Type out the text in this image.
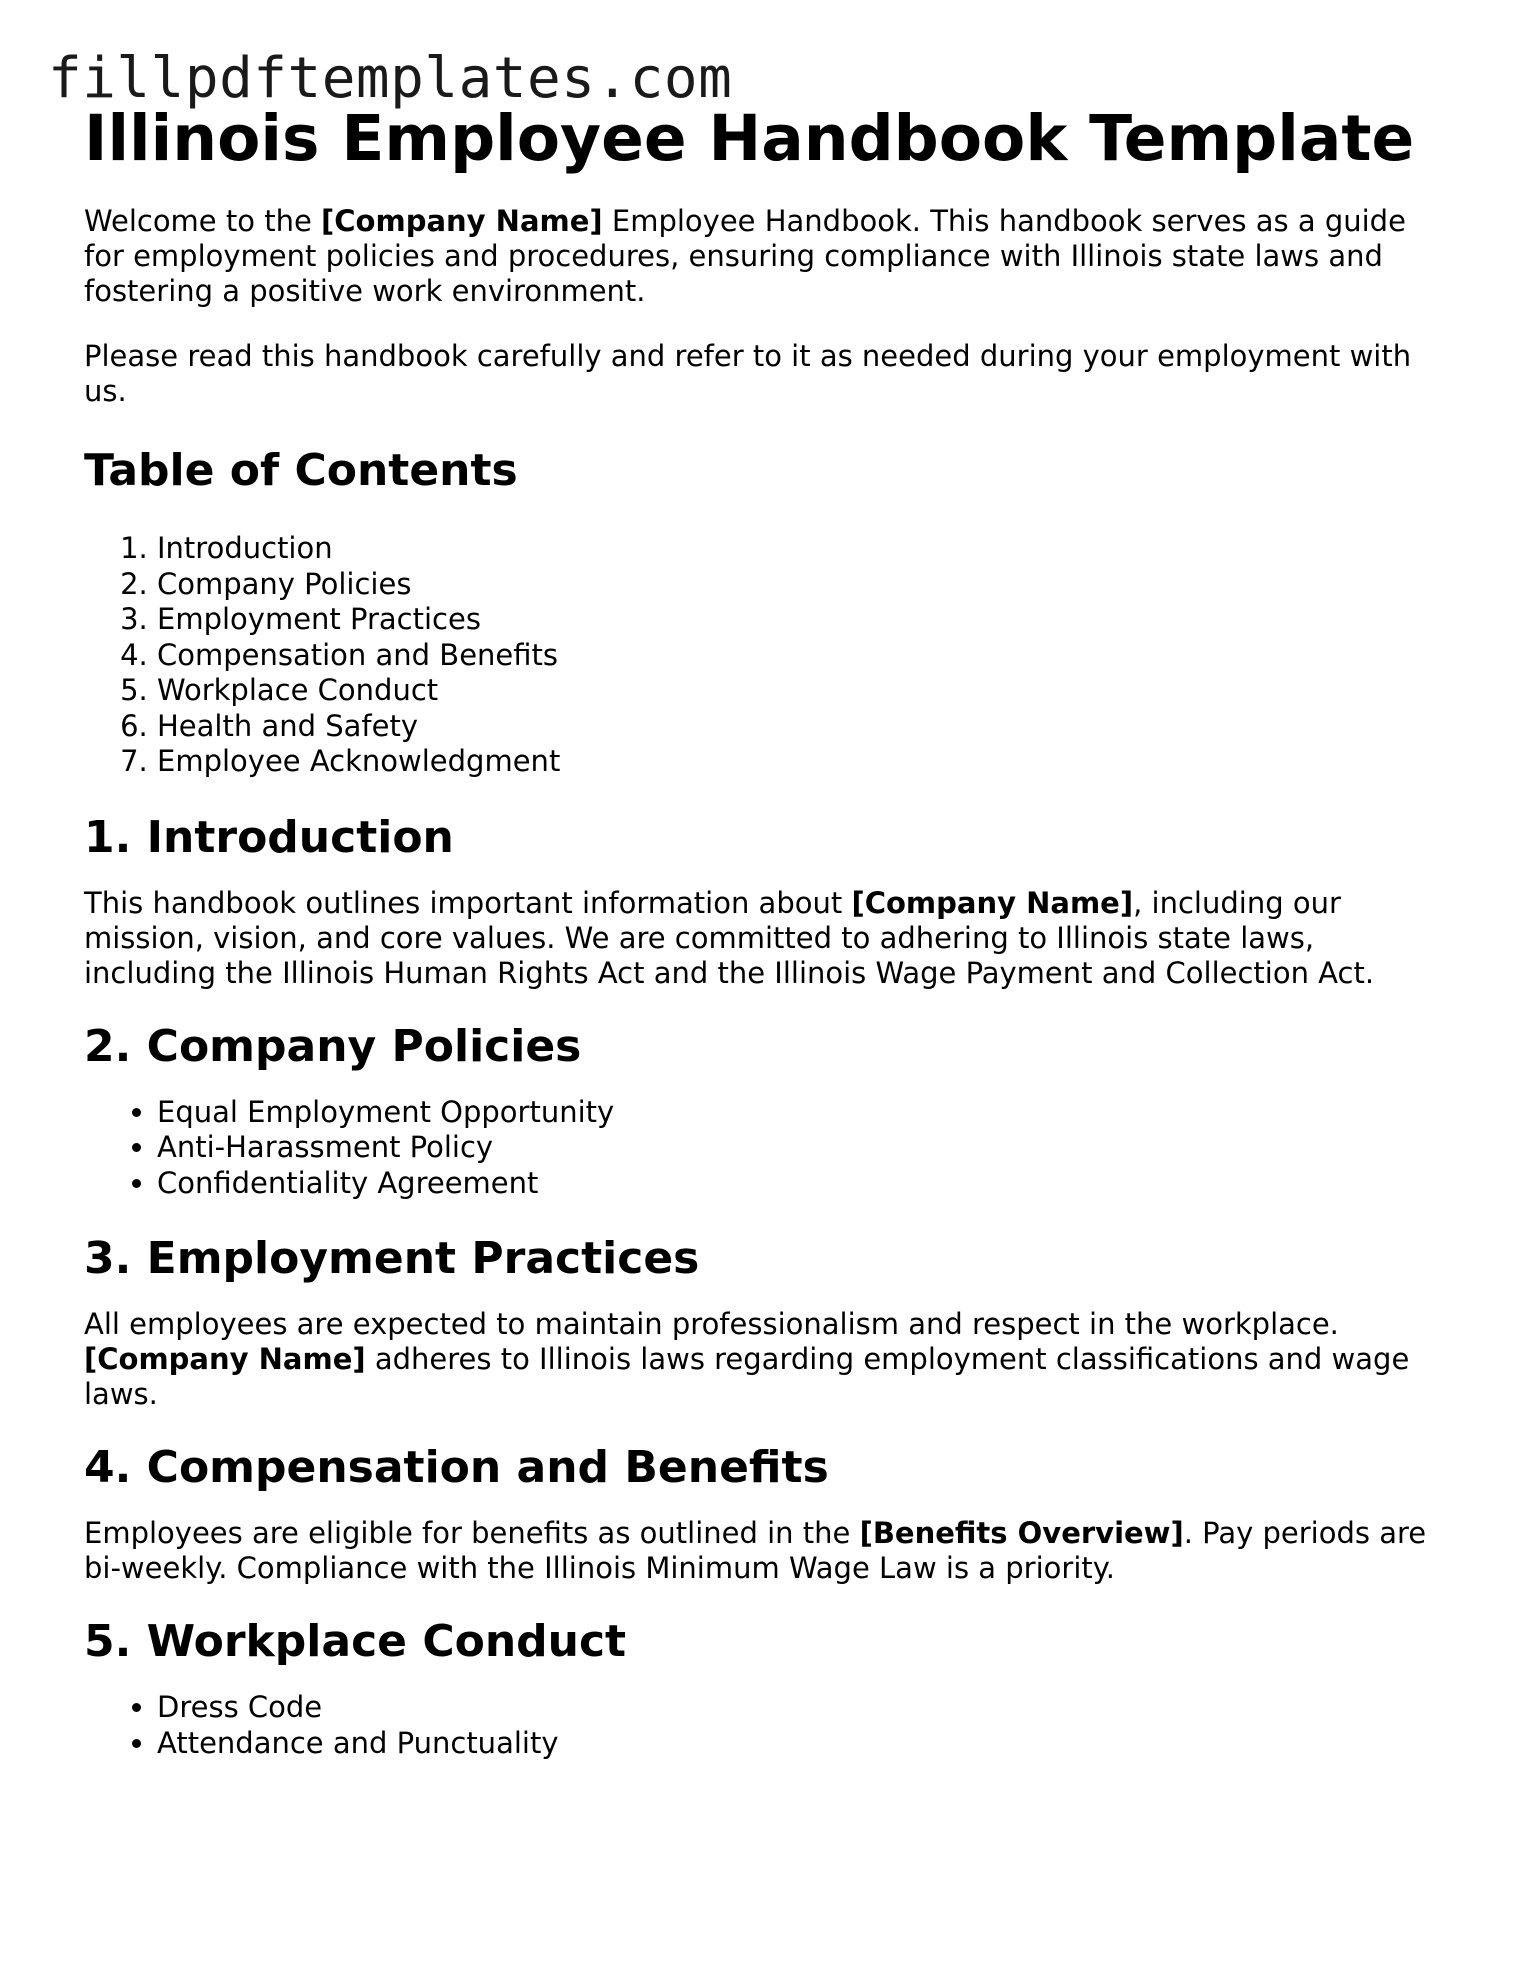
fillpdftemplates.com
Illinois Employee Handbook Template

Welcome to the [Company Name] Employee Handbook. This handbook serves as a guide for employment policies and procedures, ensuring compliance with Illinois state laws and fostering a positive work environment.

Please read this handbook carefully and refer to it as needed during your employment with us.

Table of Contents
1. Introduction
2. Company Policies
3. Employment Practices
4. Compensation and Benefits
5. Workplace Conduct
6. Health and Safety
7. Employee Acknowledgment
1. Introduction

This handbook outlines important information about [Company Name], including our mission, vision, and core values. We are committed to adhering to Illinois state laws, including the Illinois Human Rights Act and the Illinois Wage Payment and Collection Act.

2. Company Policies
• Equal Employment Opportunity
• Anti-Harassment Policy
• Confidentiality Agreement
3. Employment Practices

All employees are expected to maintain professionalism and respect in the workplace. [Company Name] adheres to Illinois laws regarding employment classifications and wage laws.

4. Compensation and Benefits

Employees are eligible for benefits as outlined in the [Benefits Overview]. Pay periods are bi-weekly. Compliance with the Illinois Minimum Wage Law is a priority.

5. Workplace Conduct
• Dress Code
• Attendance and Punctuality
